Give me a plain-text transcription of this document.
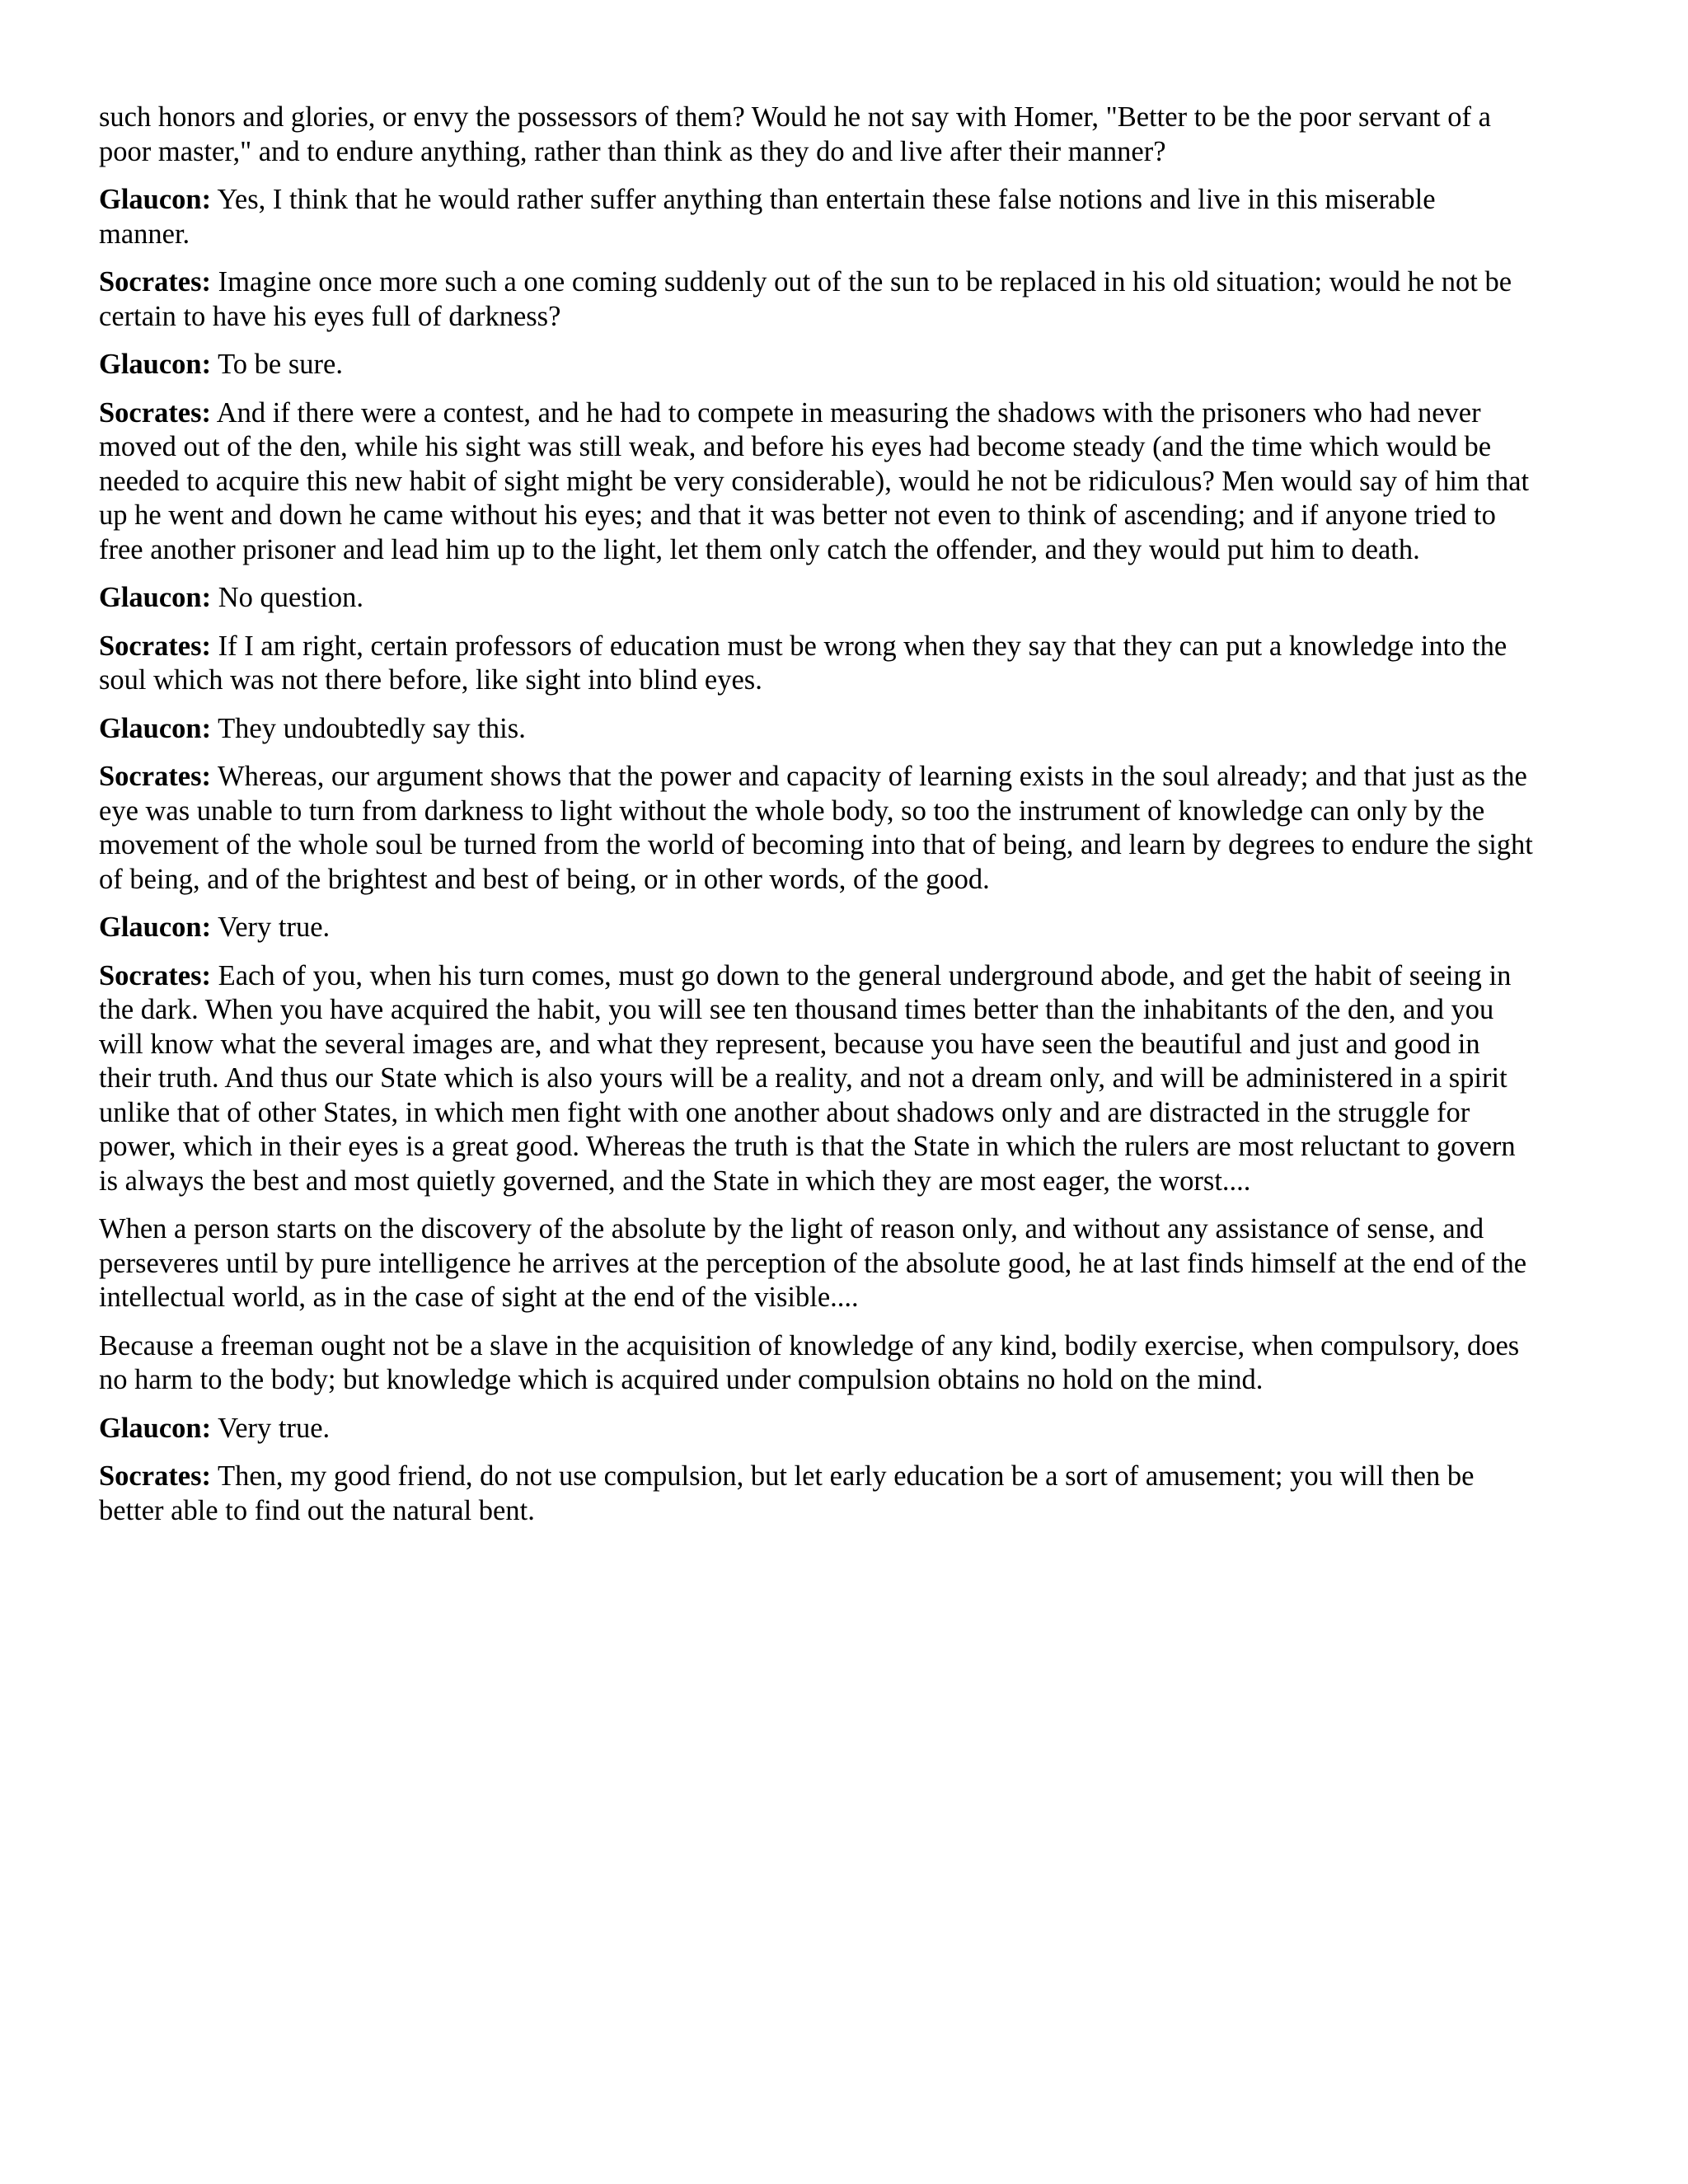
such honors and glories, or envy the possessors of them? Would he not say with Homer, "Better to be the poor servant of a poor master," and to endure anything, rather than think as they do and live after their manner?

Glaucon: Yes, I think that he would rather suffer anything than entertain these false notions and live in this miserable manner.

Socrates: Imagine once more such a one coming suddenly out of the sun to be replaced in his old situation; would he not be certain to have his eyes full of darkness?

Glaucon: To be sure.

Socrates: And if there were a contest, and he had to compete in measuring the shadows with the prisoners who had never moved out of the den, while his sight was still weak, and before his eyes had become steady (and the time which would be needed to acquire this new habit of sight might be very considerable), would he not be ridiculous? Men would say of him that up he went and down he came without his eyes; and that it was better not even to think of ascending; and if anyone tried to free another prisoner and lead him up to the light, let them only catch the offender, and they would put him to death.

Glaucon: No question.

Socrates: If I am right, certain professors of education must be wrong when they say that they can put a knowledge into the soul which was not there before, like sight into blind eyes.

Glaucon: They undoubtedly say this.

Socrates: Whereas, our argument shows that the power and capacity of learning exists in the soul already; and that just as the eye was unable to turn from darkness to light without the whole body, so too the instrument of knowledge can only by the movement of the whole soul be turned from the world of becoming into that of being, and learn by degrees to endure the sight of being, and of the brightest and best of being, or in other words, of the good.

Glaucon: Very true.

Socrates: Each of you, when his turn comes, must go down to the general underground abode, and get the habit of seeing in the dark. When you have acquired the habit, you will see ten thousand times better than the inhabitants of the den, and you will know what the several images are, and what they represent, because you have seen the beautiful and just and good in their truth. And thus our State which is also yours will be a reality, and not a dream only, and will be administered in a spirit unlike that of other States, in which men fight with one another about shadows only and are distracted in the struggle for power, which in their eyes is a great good. Whereas the truth is that the State in which the rulers are most reluctant to govern is always the best and most quietly governed, and the State in which they are most eager, the worst....

When a person starts on the discovery of the absolute by the light of reason only, and without any assistance of sense, and perseveres until by pure intelligence he arrives at the perception of the absolute good, he at last finds himself at the end of the intellectual world, as in the case of sight at the end of the visible....

Because a freeman ought not be a slave in the acquisition of knowledge of any kind, bodily exercise, when compulsory, does no harm to the body; but knowledge which is acquired under compulsion obtains no hold on the mind.

Glaucon: Very true.

Socrates: Then, my good friend, do not use compulsion, but let early education be a sort of amusement; you will then be better able to find out the natural bent.
